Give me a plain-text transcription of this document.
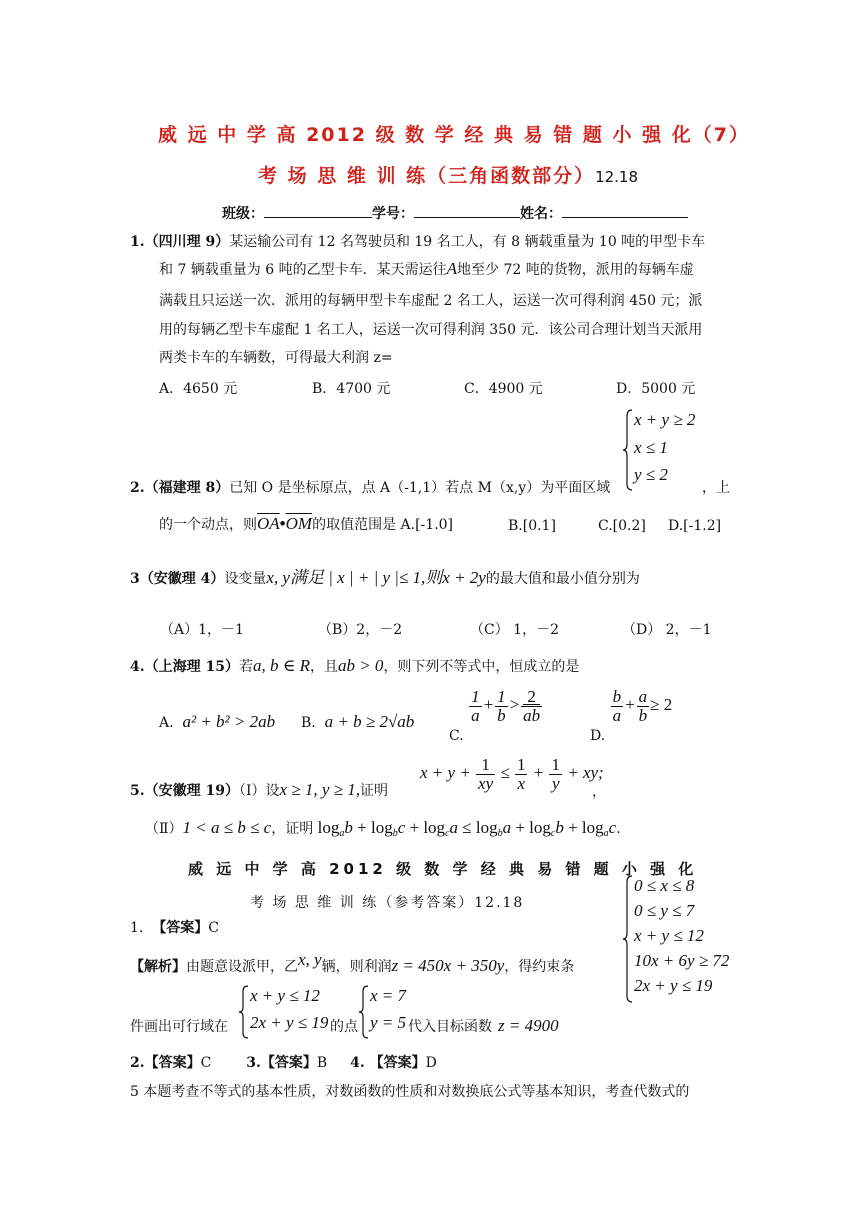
威 远 中 学 高 2012 级 数 学 经 典 易 错 题 小 强 化（7）
考 场 思 维 训 练（三角函数部分）12.18
班级：	学号：	姓名：
1.（四川理 9）某运输公司有 12 名驾驶员和 19 名工人，有 8 辆载重量为 10 吨的甲型卡车
和 7 辆载重量为 6 吨的乙型卡车．某天需运往A地至少 72 吨的货物，派用的每辆车虚
满载且只运送一次．派用的每辆甲型卡车虚配 2 名工人，运送一次可得利润 450 元；派
用的每辆乙型卡车虚配 1 名工人，运送一次可得利润 350 元．该公司合理计划当天派用
两类卡车的车辆数，可得最大利润 z=
A．4650 元	B．4700 元	C．4900 元	D．5000 元
x + y ≥ 2
x ≤ 1
y ≤ 2
2.（福建理 8）已知 O 是坐标原点，点 A（-1,1）若点 M（x,y）为平面区域	，上
的一个动点，则$\overline{OA}•\overline{OM}$的取值范围是 A.[-1.0]	B.[0.1]	C.[0.2] D.[-1.2]
3（安徽理 4）设变量x, y满足 | x | + | y |≤ 1,则x + 2y的最大值和最小值分别为
（A）1，－1	（B）2，－2	（C） 1，－2	（D） 2，－1
4.（上海理 15）若a, b ∈ R，且ab > 0，则下列不等式中，恒成立的是
A. a² + b² > 2ab B. a + b ≥ 2√ab
C.
$\frac{1}{a} + \frac{1}{b} > \frac{2}{ab}$
D.
$\frac{b}{a} + \frac{a}{b} \ge 2$
5.（安徽理 19）（Ⅰ）设x ≥ 1, y ≥ 1,证明
$x + y + \frac{1}{xy} \le \frac{1}{x} + \frac{1}{y}$ + xy;
，
（Ⅱ）1 < a ≤ b ≤ c，证明 $\log_ab + \log_bc + \log_ca \le \log_ba + \log_cb + \log_ac$.
威 远 中 学 高 2012 级 数 学 经 典 易 错 题 小 强 化
考 场 思 维 训 练（参考答案）12.18
0 ≤ x ≤ 8
0 ≤ y ≤ 7
x + y ≤ 12
10x + 6y ≥ 72
2x + y ≤ 19
1. 【答案】C
【解析】由题意设派甲，乙x, y辆，则利润z = 450x + 350y，得约束条
x + y ≤ 12
2x + y ≤ 19
x = 7
y = 5
件画出可行域在	的点	代入目标函数 z = 4900
2.【答案】C 3.【答案】B 4. 【答案】D
5 本题考查不等式的基本性质，对数函数的性质和对数换底公式等基本知识，考查代数式的
